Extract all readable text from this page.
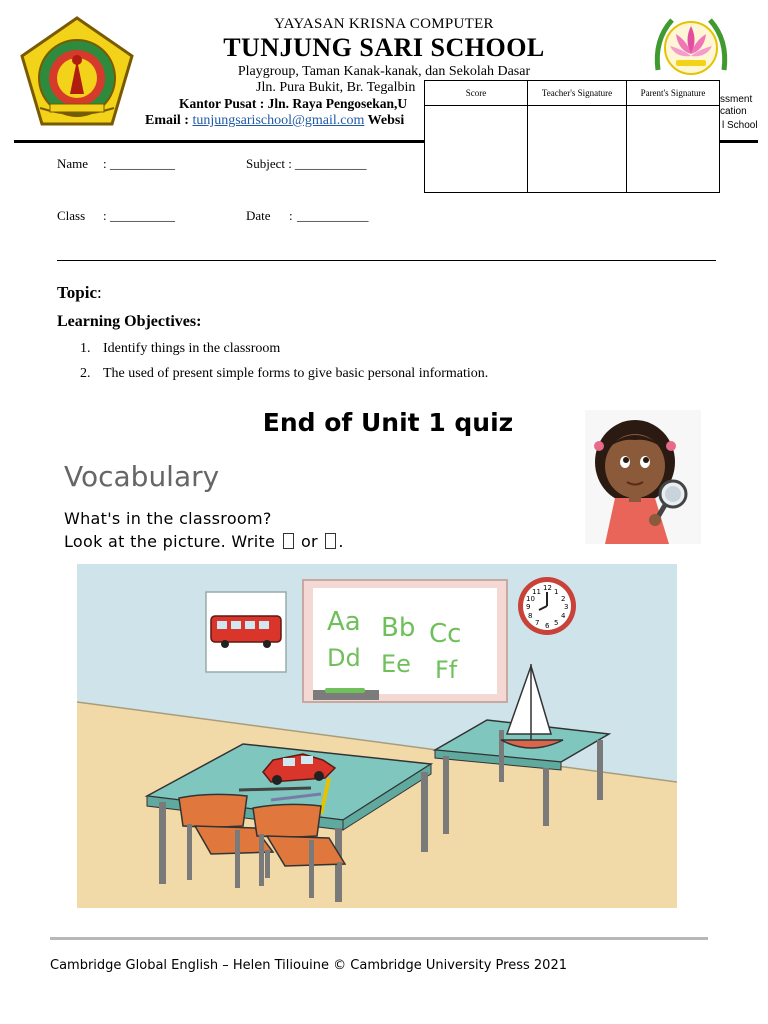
YAYASAN KRISNA COMPUTER
TUNJUNG SARI SCHOOL
Playgroup, Taman Kanak-kanak, dan Sekolah Dasar
Jln. Pura Bukit, Br. Tegalbin
Kantor Pusat : Jln. Raya Pengosekan,U
Email : tunjungsarischool@gmail.com Websi
ssment
cation
l School
Score	Teacher's Signature	Parent's Signature

Name : __________	Subject : ___________
Class : __________	Date : ___________
Topic:
Learning Objectives:
1. Identify things in the classroom
2. The used of present simple forms to give basic personal information.
End of Unit 1 quiz
Vocabulary
What's in the classroom?
Look at the picture. Write or ☒ .
Aa Bb Cc
Dd Ee Ff
12
3
6
9
1
2
4
5
7
8
10
11
Cambridge Global English – Helen Tiliouine © Cambridge University Press 2021
